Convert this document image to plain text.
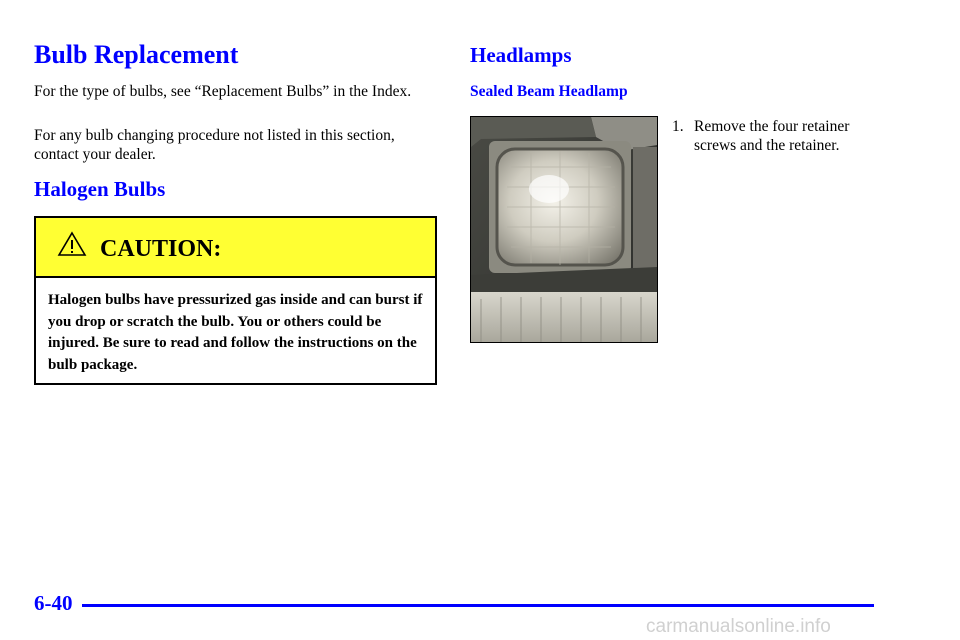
Bulb Replacement

For the type of bulbs, see “Replacement Bulbs” in the Index.

For any bulb changing procedure not listed in this section, contact your dealer.

Halogen Bulbs
CAUTION:

Halogen bulbs have pressurized gas inside and can burst if you drop or scratch the bulb. You or others could be injured. Be sure to read and follow the instructions on the bulb package.

Headlamps
Sealed Beam Headlamp
1. Remove the four retainer screws and the retainer.

6-40
carmanualsonline.info
